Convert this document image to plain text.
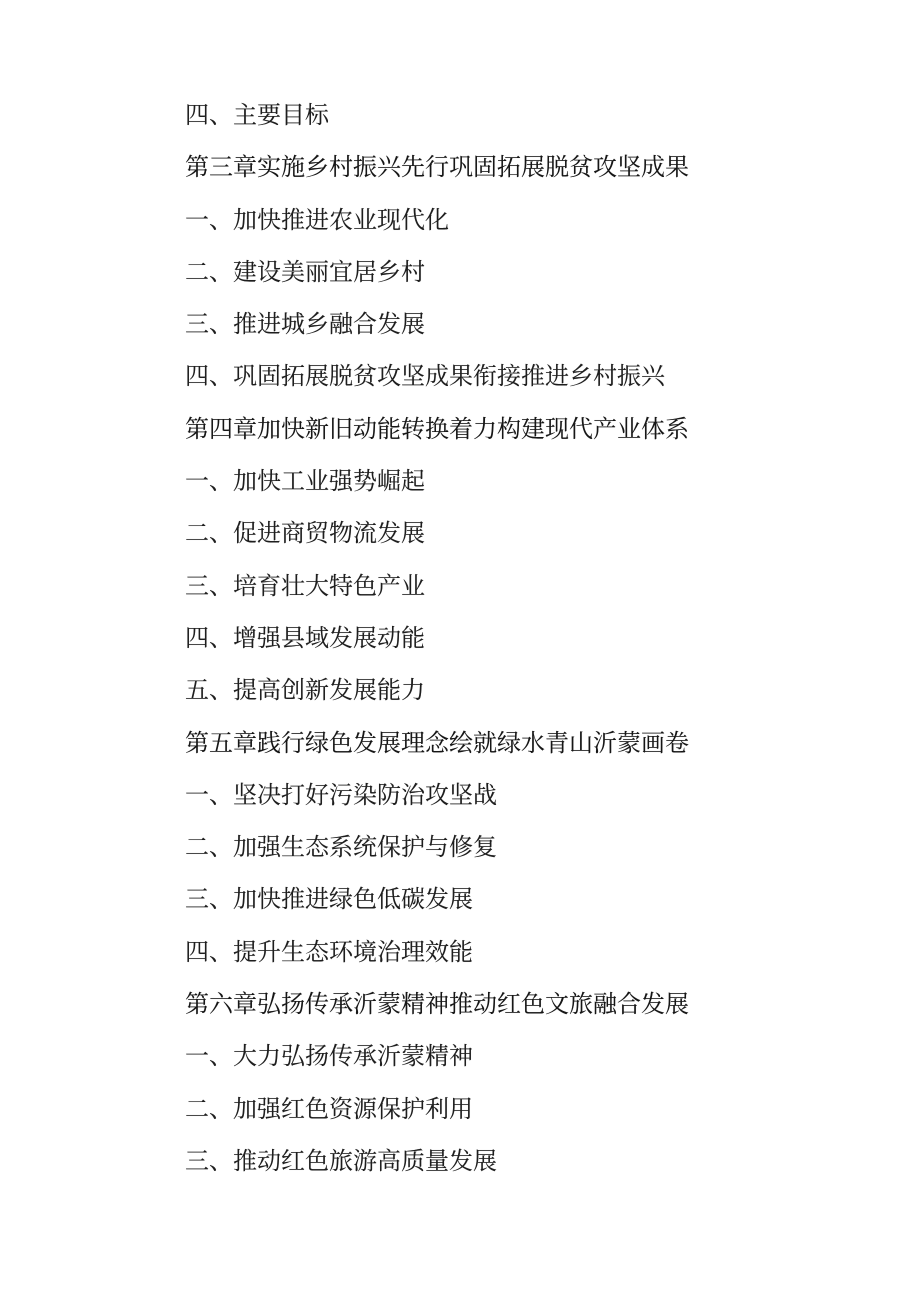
四、主要目标

第三章实施乡村振兴先行巩固拓展脱贫攻坚成果

一、加快推进农业现代化

二、建设美丽宜居乡村

三、推进城乡融合发展

四、巩固拓展脱贫攻坚成果衔接推进乡村振兴

第四章加快新旧动能转换着力构建现代产业体系

一、加快工业强势崛起

二、促进商贸物流发展

三、培育壮大特色产业

四、增强县域发展动能

五、提高创新发展能力

第五章践行绿色发展理念绘就绿水青山沂蒙画卷

一、坚决打好污染防治攻坚战

二、加强生态系统保护与修复

三、加快推进绿色低碳发展

四、提升生态环境治理效能

第六章弘扬传承沂蒙精神推动红色文旅融合发展

一、大力弘扬传承沂蒙精神

二、加强红色资源保护利用

三、推动红色旅游高质量发展
